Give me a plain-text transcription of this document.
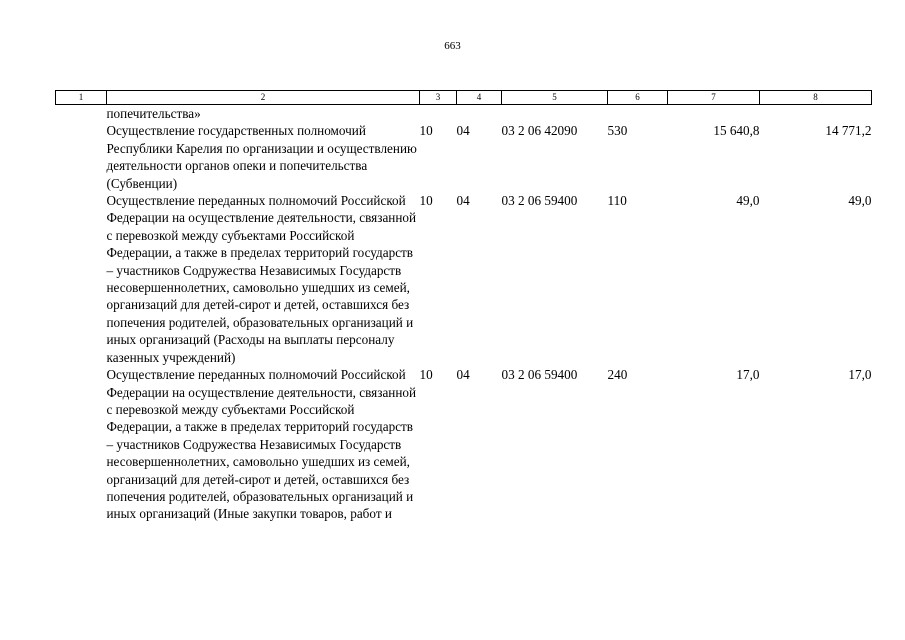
663
1	2	3	4	5	6	7	8
	попечительства»						
	Осуществление государственных полномочий Республики Карелия по организации и осуществлению деятельности органов опеки и попечительства (Субвенции)	10	04	03 2 06 42090	530	15 640,8	14 771,2
	Осуществление переданных полномочий Российской Федерации на осуществление деятельности, связанной с перевозкой между субъектами Российской Федерации, а также в пределах территорий государств – участников Содружества Независимых Государств несовершеннолетних, самовольно ушедших из семей, организаций для детей-сирот и детей, оставшихся без попечения родителей, образовательных организаций и иных организаций (Расходы на выплаты персоналу казенных учреждений)	10	04	03 2 06 59400	110	49,0	49,0
	Осуществление переданных полномочий Российской Федерации на осуществление деятельности, связанной с перевозкой между субъектами Российской Федерации, а также в пределах территорий государств – участников Содружества Независимых Государств несовершеннолетних, самовольно ушедших из семей, организаций для детей-сирот и детей, оставшихся без попечения родителей, образовательных организаций и иных организаций (Иные закупки товаров, работ и	10	04	03 2 06 59400	240	17,0	17,0
